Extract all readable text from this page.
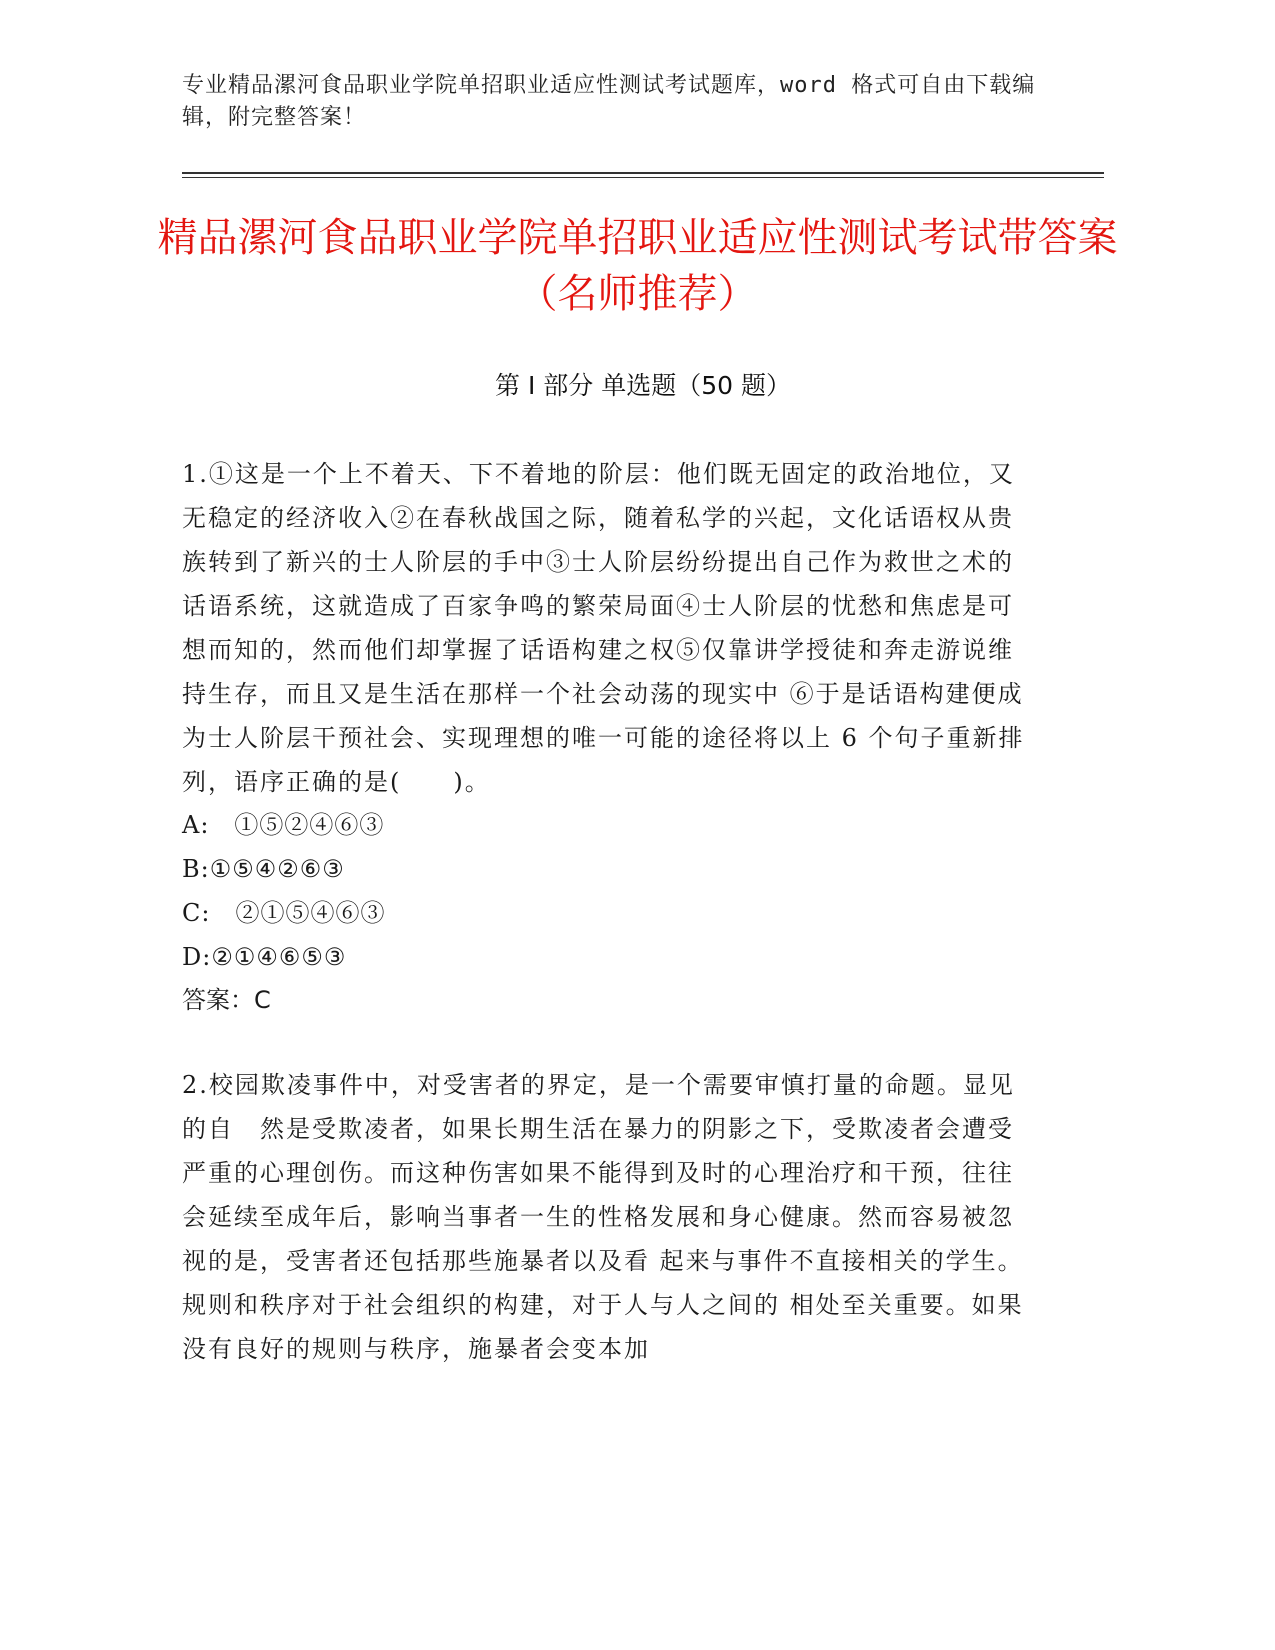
专业精品漯河食品职业学院单招职业适应性测试考试题库，word 格式可自由下载编辑，附完整答案！
精品漯河食品职业学院单招职业适应性测试考试带答案（名师推荐）
第 I 部分 单选题（50 题）
1.①这是一个上不着天、下不着地的阶层：他们既无固定的政治地位，又无稳定的经济收入②在春秋战国之际，随着私学的兴起，文化话语权从贵族转到了新兴的士人阶层的手中③士人阶层纷纷提出自己作为救世之术的话语系统，这就造成了百家争鸣的繁荣局面④士人阶层的忧愁和焦虑是可想而知的，然而他们却掌握了话语构建之权⑤仅靠讲学授徒和奔走游说维持生存，而且又是生活在那样一个社会动荡的现实中 ⑥于是话语构建便成为士人阶层干预社会、实现理想的唯一可能的途径将以上 6 个句子重新排列，语序正确的是(　　)。
A:　①⑤②④⑥③
B:①⑤④②⑥③
C:　②①⑤④⑥③
D:②①④⑥⑤③
答案：C
2.校园欺凌事件中，对受害者的界定，是一个需要审慎打量的命题。显见的自　然是受欺凌者，如果长期生活在暴力的阴影之下，受欺凌者会遭受严重的心理创伤。而这种伤害如果不能得到及时的心理治疗和干预，往往会延续至成年后，影响当事者一生的性格发展和身心健康。然而容易被忽视的是，受害者还包括那些施暴者以及看 起来与事件不直接相关的学生。规则和秩序对于社会组织的构建，对于人与人之间的 相处至关重要。如果没有良好的规则与秩序，施暴者会变本加
